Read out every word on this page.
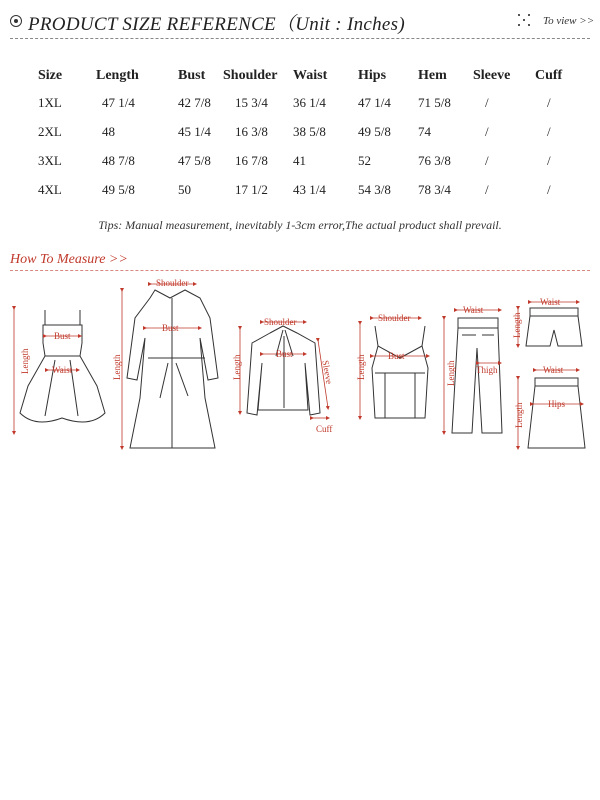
PRODUCT SIZE REFERENCE（Unit : Inches)	To view >>
Size	Length	Bust	Shoulder	Waist	Hips	Hem	Sleeve	Cuff
1XL	47 1/4	42 7/8	15 3/4	36 1/4	47 1/4	71 5/8	/	/
2XL	48	45 1/4	16 3/8	38 5/8	49 5/8	74	/	/
3XL	48 7/8	47 5/8	16 7/8	41	52	76 3/8	/	/
4XL	49 5/8	50	17 1/2	43 1/4	54 3/8	78 3/4	/	/
Tips: Manual measurement, inevitably 1-3cm error,The actual product shall prevail.
How To Measure >>
Bust
Waist
Length
Shoulder
Bust
Length
Shoulder
Bust
Length	Sleeve
Cuff
Shoulder
Bust
Length
Waist
Thigh
Length
Waist
Length
Waist
Hips
Length
